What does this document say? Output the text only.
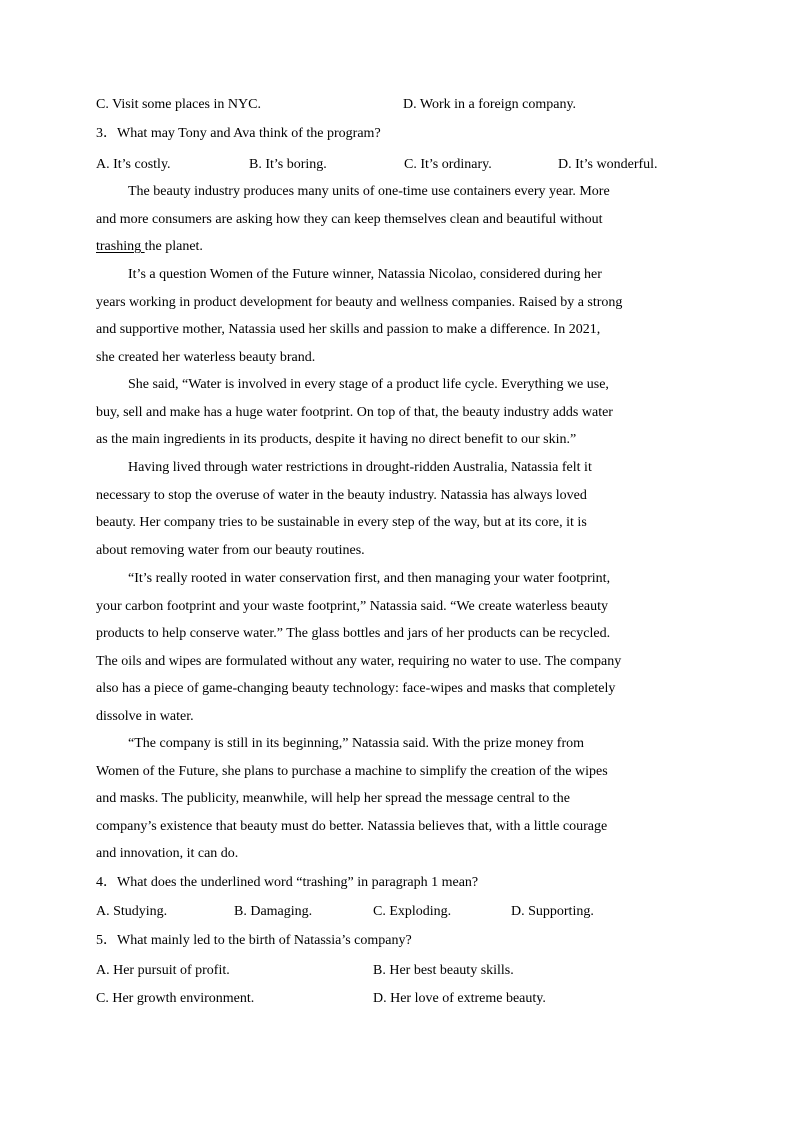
C. Visit some places in NYC.	D. Work in a foreign company.
3．What may Tony and Ava think of the program?
A. It’s costly.	B. It’s boring.	C. It’s ordinary.	D. It’s wonderful.
The beauty industry produces many units of one-time use containers every year. More
and more consumers are asking how they can keep themselves clean and beautiful without
trashing the planet.
It’s a question Women of the Future winner, Natassia Nicolao, considered during her
years working in product development for beauty and wellness companies. Raised by a strong
and supportive mother, Natassia used her skills and passion to make a difference. In 2021,
she created her waterless beauty brand.
She said, “Water is involved in every stage of a product life cycle. Everything we use,
buy, sell and make has a huge water footprint. On top of that, the beauty industry adds water
as the main ingredients in its products, despite it having no direct benefit to our skin.”
Having lived through water restrictions in drought-ridden Australia, Natassia felt it
necessary to stop the overuse of water in the beauty industry. Natassia has always loved
beauty. Her company tries to be sustainable in every step of the way, but at its core, it is
about removing water from our beauty routines.
“It’s really rooted in water conservation first, and then managing your water footprint,
your carbon footprint and your waste footprint,” Natassia said. “We create waterless beauty
products to help conserve water.” The glass bottles and jars of her products can be recycled.
The oils and wipes are formulated without any water, requiring no water to use. The company
also has a piece of game-changing beauty technology: face-wipes and masks that completely
dissolve in water.
“The company is still in its beginning,” Natassia said. With the prize money from
Women of the Future, she plans to purchase a machine to simplify the creation of the wipes
and masks. The publicity, meanwhile, will help her spread the message central to the
company’s existence that beauty must do better. Natassia believes that, with a little courage
and innovation, it can do.
4．What does the underlined word “trashing” in paragraph 1 mean?
A. Studying.	B. Damaging.	C. Exploding.	D. Supporting.
5．What mainly led to the birth of Natassia’s company?
A. Her pursuit of profit.	B. Her best beauty skills.
C. Her growth environment.	D. Her love of extreme beauty.
